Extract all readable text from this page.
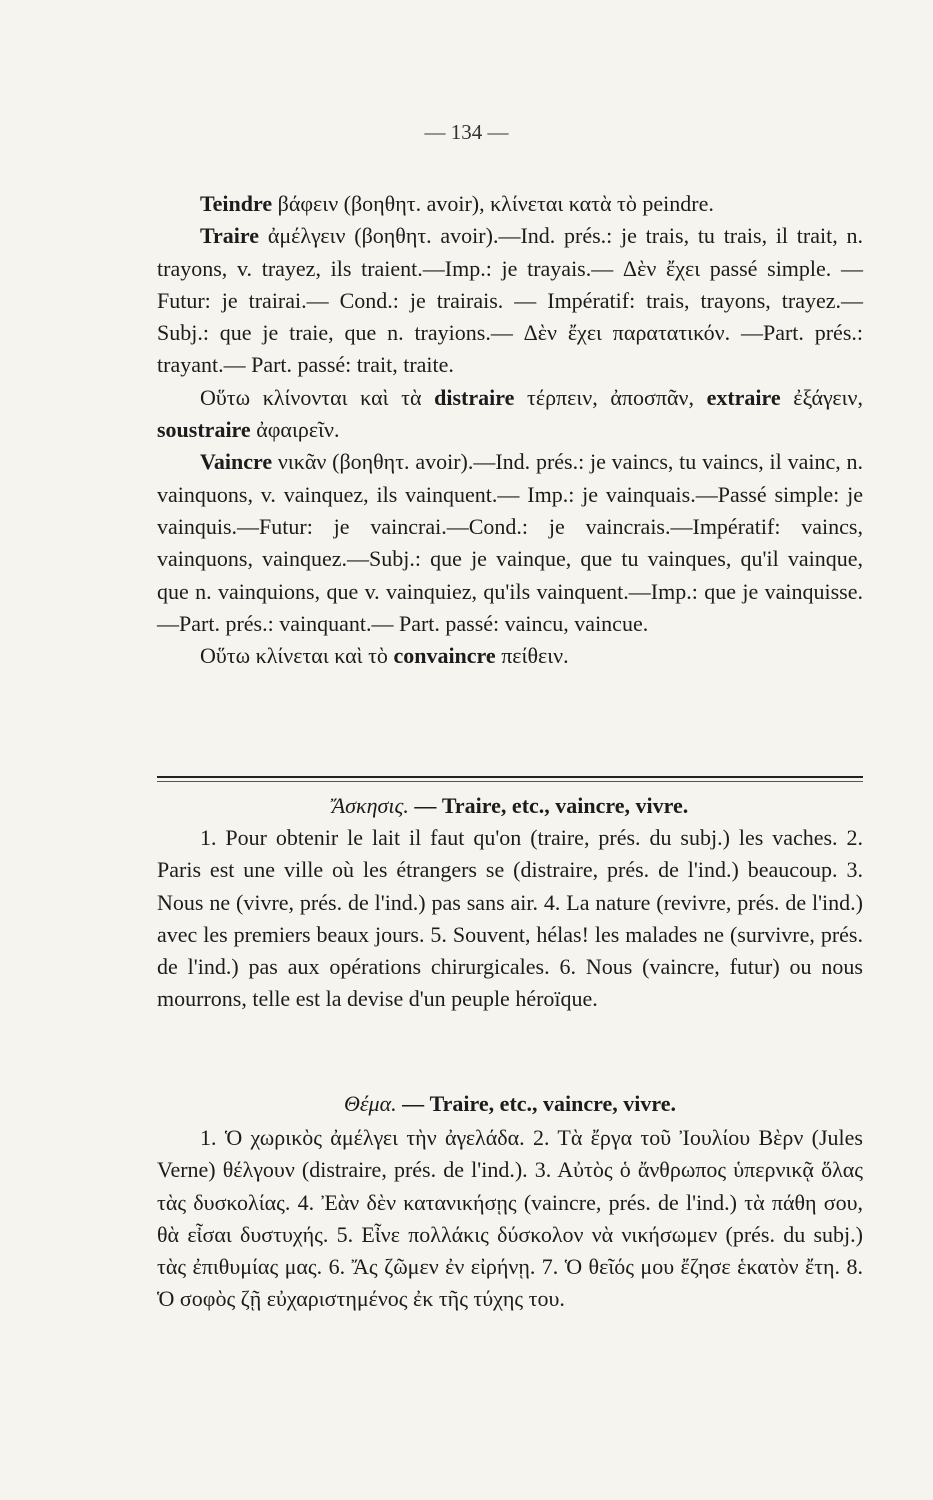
— 134 —

Teindre βάφειν (βοηθητ. avoir), κλίνεται κατὰ τὸ peindre.

Traire ἀμέλγειν (βοηθητ. avoir).—Ind. prés.: je trais, tu trais, il trait, n. trayons, v. trayez, ils traient.—Imp.: je trayais.— Δὲν ἔχει passé simple. — Futur: je trairai.— Cond.: je trairais. — Impératif: trais, trayons, trayez.— Subj.: que je traie, que n. trayions.— Δὲν ἔχει παρατατικόν. —Part. prés.: trayant.— Part. passé: trait, traite.

Οὕτω κλίνονται καὶ τὰ distraire τέρπειν, ἀποσπᾶν, extraire ἐξάγειν, soustraire ἀφαιρεῖν.

Vaincre νικᾶν (βοηθητ. avoir).—Ind. prés.: je vaincs, tu vaincs, il vainc, n. vainquons, v. vainquez, ils vainquent.— Imp.: je vainquais.—Passé simple: je vainquis.—Futur: je vaincrai.—Cond.: je vaincrais.—Impératif: vaincs, vainquons, vainquez.—Subj.: que je vainque, que tu vainques, qu'il vainque, que n. vainquions, que v. vainquiez, qu'ils vainquent.—Imp.: que je vainquisse.—Part. prés.: vainquant.— Part. passé: vaincu, vaincue.

Οὕτω κλίνεται καὶ τὸ convaincre πείθειν.

Ἄσκησις. — Traire, etc., vaincre, vivre.

1. Pour obtenir le lait il faut qu'on (traire, prés. du subj.) les vaches. 2. Paris est une ville où les étrangers se (distraire, prés. de l'ind.) beaucoup. 3. Nous ne (vivre, prés. de l'ind.) pas sans air. 4. La nature (revivre, prés. de l'ind.) avec les premiers beaux jours. 5. Souvent, hélas! les malades ne (survivre, prés. de l'ind.) pas aux opérations chirurgicales. 6. Nous (vaincre, futur) ou nous mourrons, telle est la devise d'un peuple héroïque.

Θέμα. — Traire, etc., vaincre, vivre.

1. Ὁ χωρικὸς ἀμέλγει τὴν ἀγελάδα. 2. Τὰ ἔργα τοῦ Ἰουλίου Βὲρν (Jules Verne) θέλγουν (distraire, prés. de l'ind.). 3. Αὐτὸς ὁ ἄνθρωπος ὑπερνικᾷ ὅλας τὰς δυσκολίας. 4. Ἐὰν δὲν κατανικήσῃς (vaincre, prés. de l'ind.) τὰ πάθη σου, θὰ εἶσαι δυστυχής. 5. Εἶνε πολλάκις δύσκολον νὰ νικήσωμεν (prés. du subj.) τὰς ἐπιθυμίας μας. 6. Ἄς ζῶμεν ἐν εἰρήνῃ. 7. Ὁ θεῖός μου ἔζησε ἑκατὸν ἔτη. 8. Ὁ σοφὸς ζῇ εὐχαριστημένος ἐκ τῆς τύχης του.
